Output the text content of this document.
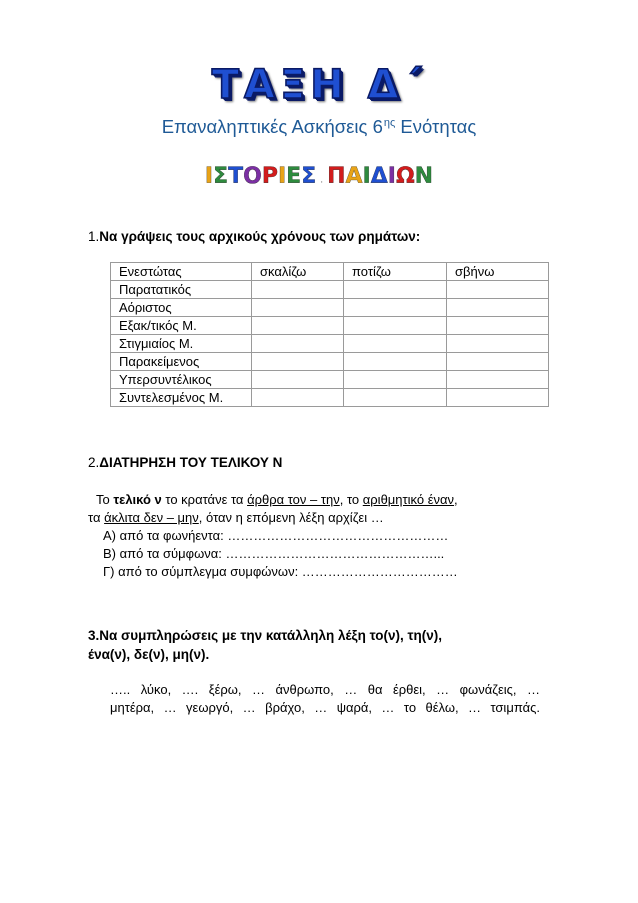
ΤΑΞΗ Δ΄
Επαναληπτικές Ασκήσεις $6^{\eta\varsigma}$ Ενότητας
ΙΣΤΟΡΙΕΣ · ΠΑΙΔΙΩΝ
1.Να γράψεις τους αρχικούς χρόνους των ρημάτων:
Ενεστώτας	σκαλίζω	ποτίζω	σβήνω
Παρατατικός			
Αόριστος			
Εξακ/τικός Μ.			
Στιγμιαίος Μ.			
Παρακείμενος			
Υπερσυντέλικος			
Συντελεσμένος Μ.			
2.ΔΙΑΤΗΡΗΣΗ ΤΟΥ ΤΕΛΙΚΟΥ Ν
Το τελικό ν το κρατάνε τα άρθρα τον – την, το αριθμητικό έναν,
τα άκλιτα δεν – μην, όταν η επόμενη λέξη αρχίζει …
Α) από τα φωνήεντα: ……………………………………………
Β) από τα σύμφωνα: …………………………………………...
Γ) από το σύμπλεγμα συμφώνων: ………………………………
3.Να συμπληρώσεις με την κατάλληλη λέξη το(ν), τη(ν),
ένα(ν), δε(ν), μη(ν).
….. λύκο, …. ξέρω, … άνθρωπο, … θα έρθει, … φωνάζεις, …
μητέρα, … γεωργό, … βράχο, … ψαρά, … το θέλω, … τσιμπάς.
